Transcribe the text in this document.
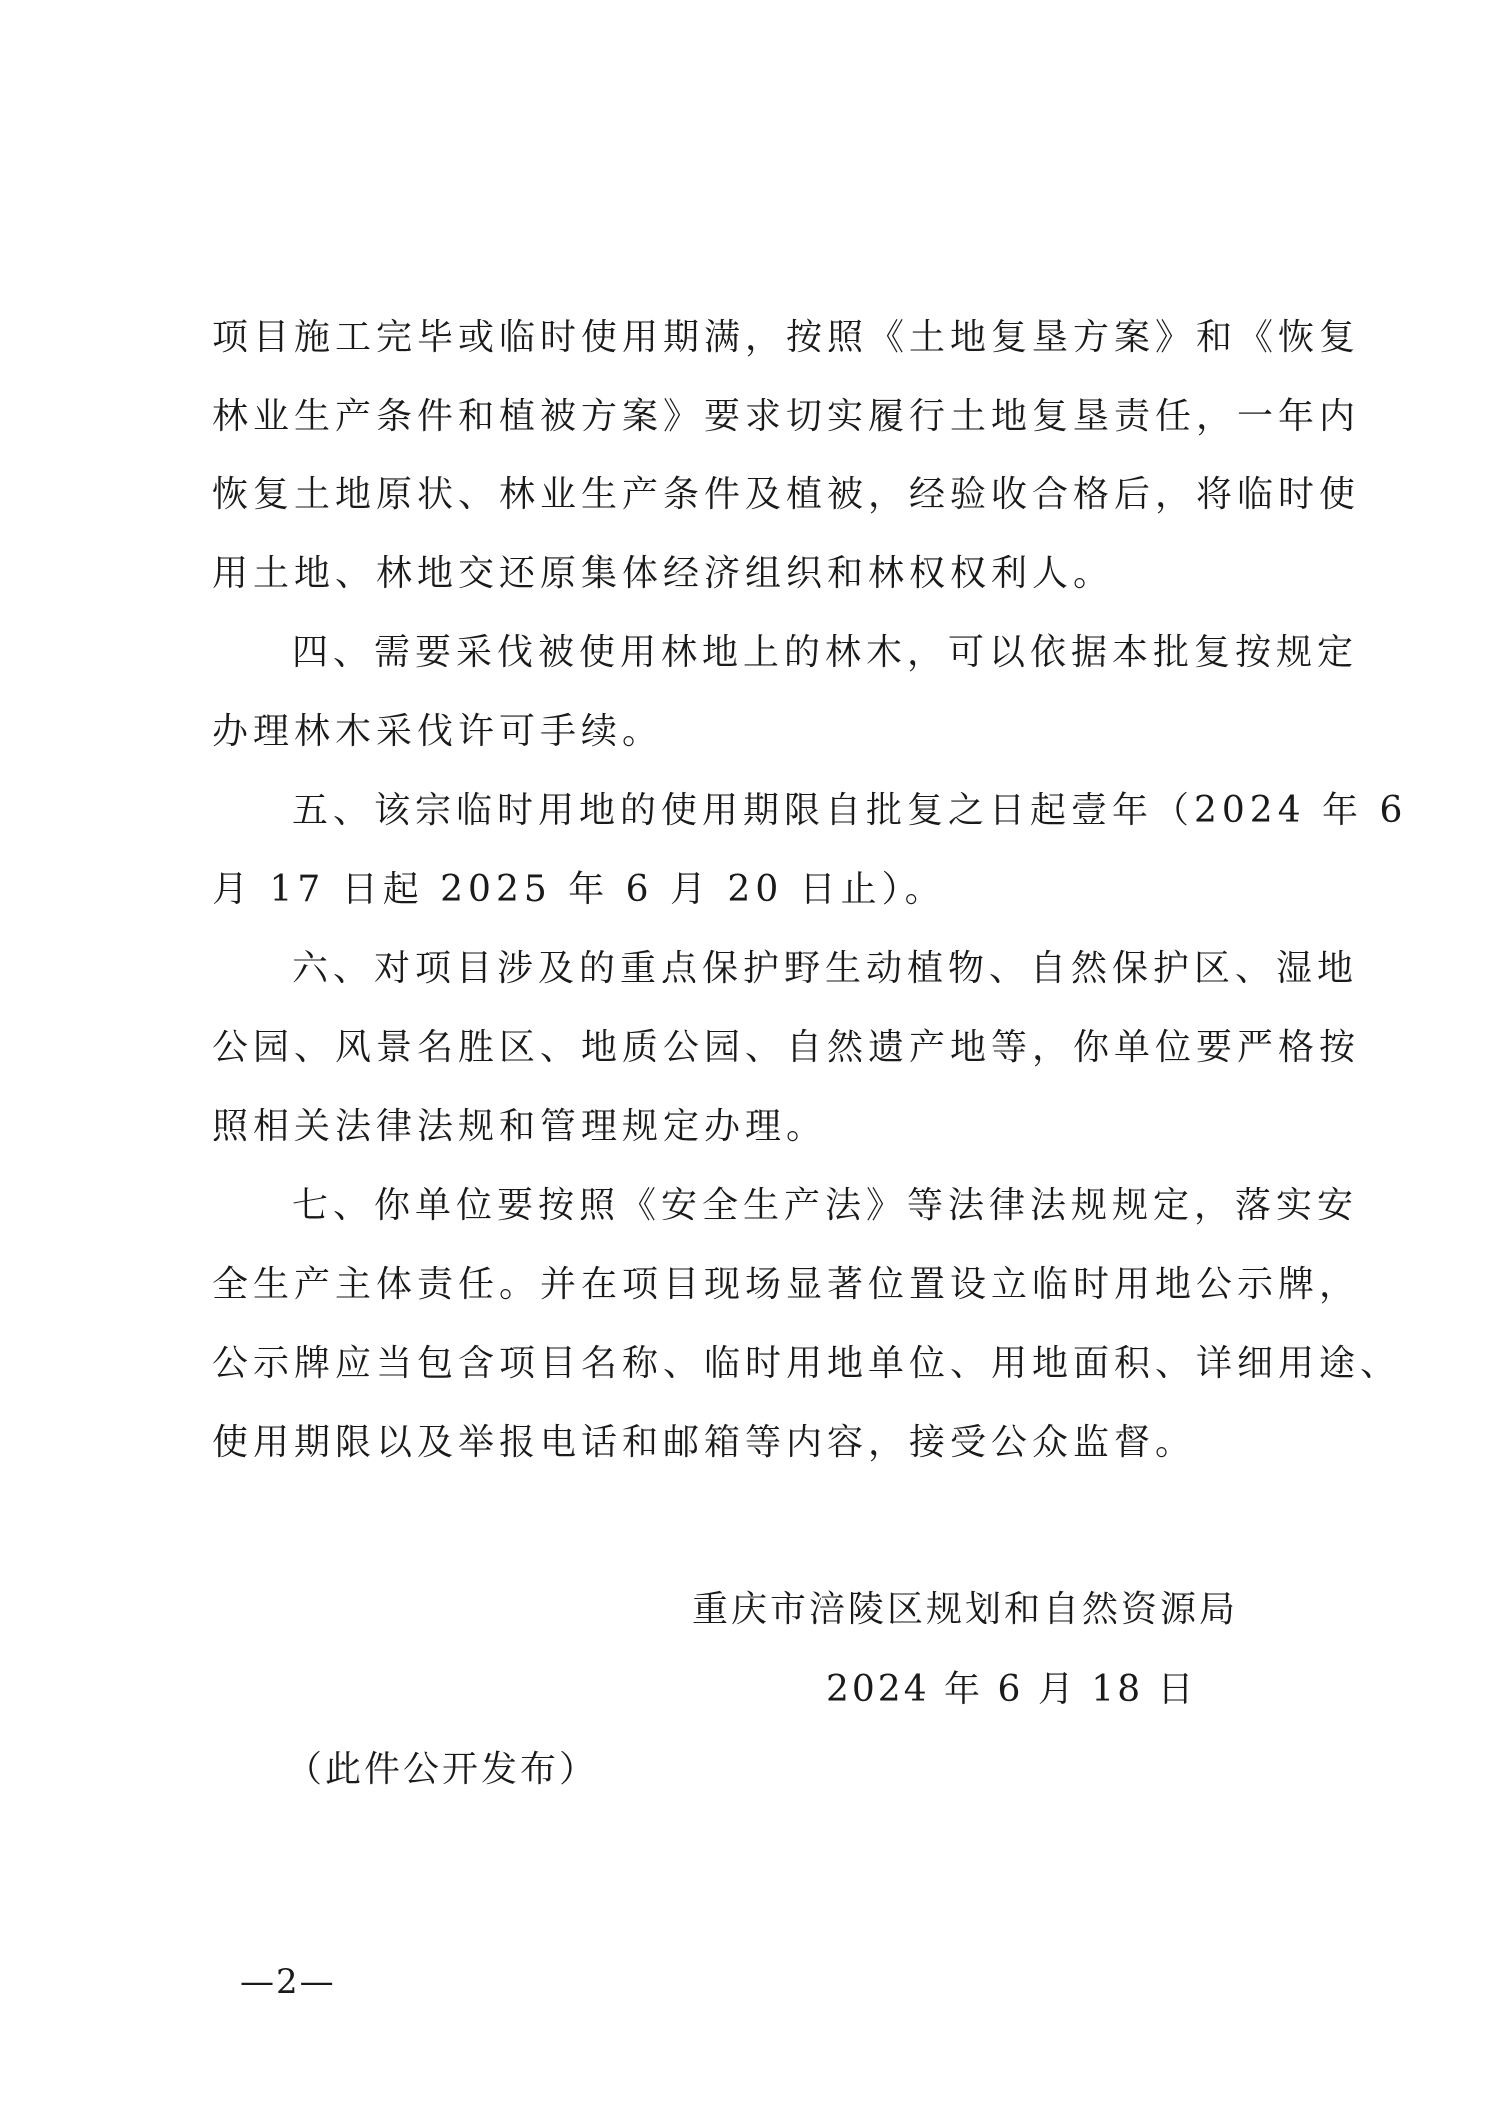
项目施工完毕或临时使用期满，按照《土地复垦方案》和《恢复
林业生产条件和植被方案》要求切实履行土地复垦责任，一年内
恢复土地原状、林业生产条件及植被，经验收合格后，将临时使
用土地、林地交还原集体经济组织和林权权利人。
四、需要采伐被使用林地上的林木，可以依据本批复按规定
办理林木采伐许可手续。
五、该宗临时用地的使用期限自批复之日起壹年（2024 年 6
月 17 日起 2025 年 6 月 20 日止）。
六、对项目涉及的重点保护野生动植物、自然保护区、湿地
公园、风景名胜区、地质公园、自然遗产地等，你单位要严格按
照相关法律法规和管理规定办理。
七、你单位要按照《安全生产法》等法律法规规定，落实安
全生产主体责任。并在项目现场显著位置设立临时用地公示牌，
公示牌应当包含项目名称、临时用地单位、用地面积、详细用途、
使用期限以及举报电话和邮箱等内容，接受公众监督。
重庆市涪陵区规划和自然资源局
2024 年 6 月 18 日
（此件公开发布）
—2—
